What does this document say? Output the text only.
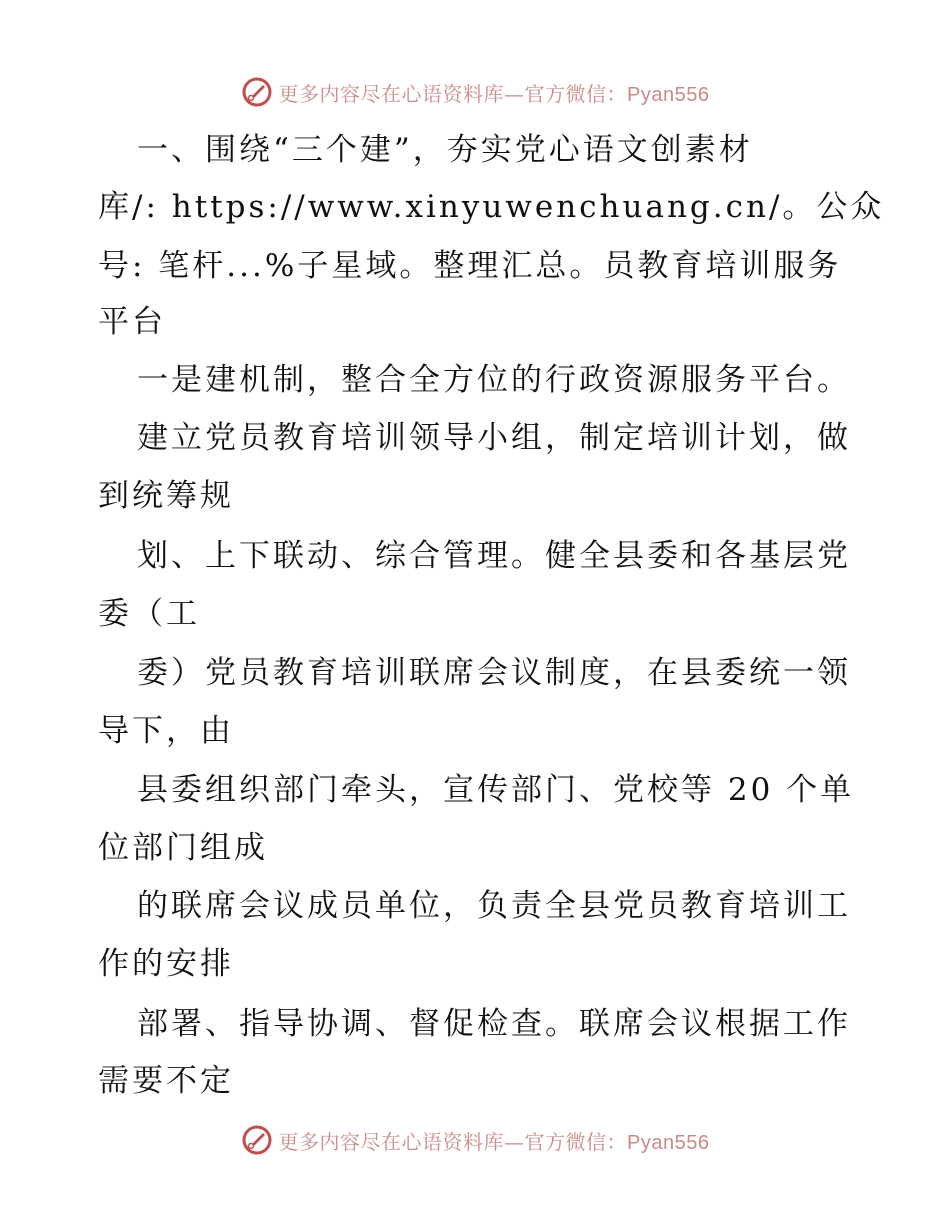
更多内容尽在心语资料库—官方微信：Pyan556
一、围绕“三个建”，夯实党心语文创素材
库/: https://www.xinyuwenchuang.cn/。公众
号: 笔杆...%子星域。整理汇总。员教育培训服务
平台
一是建机制，整合全方位的行政资源服务平台。
建立党员教育培训领导小组，制定培训计划，做
到统筹规
划、上下联动、综合管理。健全县委和各基层党
委（工
委）党员教育培训联席会议制度，在县委统一领
导下，由
县委组织部门牵头，宣传部门、党校等 20 个单
位部门组成
的联席会议成员单位，负责全县党员教育培训工
作的安排
部署、指导协调、督促检查。联席会议根据工作
需要不定
更多内容尽在心语资料库—官方微信：Pyan556
